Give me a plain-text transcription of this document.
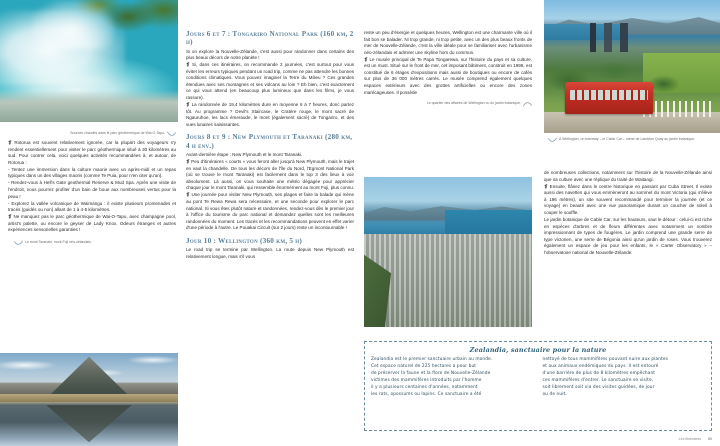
Sources chaudes dans le parc géothermique de Wai-O-Tapu.

❡ Rotorua est souvent relativement ignorée, car la plupart des voyageurs s'y rendent essentiellement pour visiter le parc géothermique situé à 30 kilomètres au sud. Pour contrer cela, voici quelques activités recommandées à, et autour, de Rotorua :

- Tentez une immersion dans la culture maorie avec un après-midi et un repas typiques dans un des villages maoris (comme Te Puia, pour n'en citer qu'un).

- Rendez-vous à Hell's Gate geothermal Reserve & Mud Spa. Après une visite de l'endroit, vous pourrez profiter d'un bain de boue aux nombreuses vertus pour la peau !

- Explorez la vallée volcanique de Waimangu : il existe plusieurs promenades et tracés (guidés ou non) allant de 1 à 4-5 kilomètres.

❡ Ne manquez pas le parc géothermique de Wai-O-Tapu, avec champagne pool, artist's palette, ou encore le geyser de Lady Knox. Odeurs étranges et autres expériences sensorielles garanties !

Le mont Taranaki, mont Fuji néo-zélandais.
Jours 6 et 7 : Tongariro National Park (160 km, 2 h)

Si on explore la Nouvelle-Zélande, c'est aussi pour randonner dans certains des plus beaux décors de notre planète !

❡ Si, dans ces itinéraires, on recommande 2 journées, c'est surtout pour vous éviter les erreurs typiques pendant un road trip, comme ne pas attendre les bonnes conditions climatiques. Vous pouvez imaginer la Terre du Milieu ? Ces grandes étendues avec ses montagnes et ses volcans au loin ? Eh bien, c'est exactement ce qui vous attend (en beaucoup plus lumineux que dans les films, je vous rassure).

❡ La randonnée de 19,4 kilomètres dure en moyenne 6 à 7 heures, donc partez tôt. Au programme ? Devil's Staircase, le Cratère rouge, le mont sacré de Ngauruhoe, les lacs émeraude, le mont (également sacré) de Tongariro, et des vues lunaires saisissantes.

Jours 8 et 9 : New Plymouth et Taranaki (280 km, 4 h env.)

Avant-dernière étape : New Plymouth et le mont Taranaki.

❡ Peu d'itinéraires « courts » vous feront aller jusqu'à New Plymouth, mais le trajet en vaut la chandelle. De tous les décors de l'île du Nord, l'Egmont National Park (où se trouve le mont Taranaki) est facilement dans le top 3 des lieux à voir absolument. Là aussi, on vous souhaite une météo dégagée pour apprécier chaque jour le mont Taranaki, qui ressemble énormément au mont Fuji, plus connu.

❡ Une journée pour visiter New Plymouth, ses plages et faire la balade qui mène au pont Te Rewa Rewa sera nécessaire, et une seconde pour explorer le parc national. Si vous êtes plutôt nature et randonnées, rendez-vous dès le premier jour à l'office du tourisme du parc national et demandez quelles sont les meilleures randonnées du moment. Les tracés et les recommandations peuvent en effet varier d'une période à l'autre. Le Pouakai Circuit (sur 2 jours) reste un incontournable !

Jour 10 : Wellington (360 km, 5 h)

Le road trip se termine par Wellington. La route depuis New Plymouth est relativement longue, mais s'il vous

reste un peu d'énergie et quelques heures, Wellington est une charmante ville où il fait bon se balader. Ni trop grande, ni trop petite, avec un des plus beaux fronts de mer de Nouvelle-Zélande, c'est la ville idéale pour se familiariser avec l'urbanisme néo-zélandais et admirer une skyline hors du commun.

❡ Le musée principal de Te Papa Tongarewa, sur l'histoire du pays et sa culture, est un must. Situé sur le front de mer, cet imposant bâtiment, construit en 1998, est constitué de 6 étages d'expositions mais aussi de boutiques ou encore de cafés sur plus de 36 000 mètres carrés. Le musée comprend également quelques espaces extérieurs avec des grottes artificielles ou encore des zones marécageuses. Il possède

Le quartier des affaires de Wellington vu du jardin botanique.

de nombreuses collections, notamment sur l'histoire de la Nouvelle-Zélande ainsi que sa culture avec une réplique du traité de Waitangi.

❡ Ensuite, flânez dans le centre historique en passant par Cuba Street. Il existe aussi des navettes qui vous emmèneront au sommet du mont Victoria (qui s'élève à 196 mètres), un site souvent recommandé pour terminer la journée (et ce voyage) en beauté avec une vue panoramique durant un coucher de soleil à couper le souffle.

Le jardin botanique de Cable Car, sur les hauteurs, vaut le détour : celui-ci est riche en espèces d'arbres et de fleurs différentes avec notamment un nombre impressionnant de types de fougères. Le jardin comprend une grande serre de type victorien, une serre de Bégonia ainsi qu'un jardin de roses. Vous trouverez également un espace de jeu pour les enfants, le « Carter Observatory » – l'observatoire national de Nouvelle-Zélande.

À Wellington, un tramway – le Cable Car – mène de Lambton Quay au jardin botanique.
Zealandia, sanctuaire pour la nature
Zealandia est le premier sanctuaire urbain au monde.
Cet espace naturel de 225 hectares a pour but
de préserver la faune et la flore de Nouvelle-Zélande
victimes des mammifères introduits par l'homme
il y a plusieurs centaines d'années, notamment
les rats, opossums ou lapins. Ce sanctuaire a été
nettoyé de tous mammifères pouvant nuire aux plantes
et aux animaux endémiques du pays. Il est entouré
d'une barrière de plus de 8 kilomètres empêchant
ces mammifères d'entrer. Le sanctuaire se visite,
soit librement soit via des visites guidées, de jour
ou de nuit.
Les itinéraires 85
